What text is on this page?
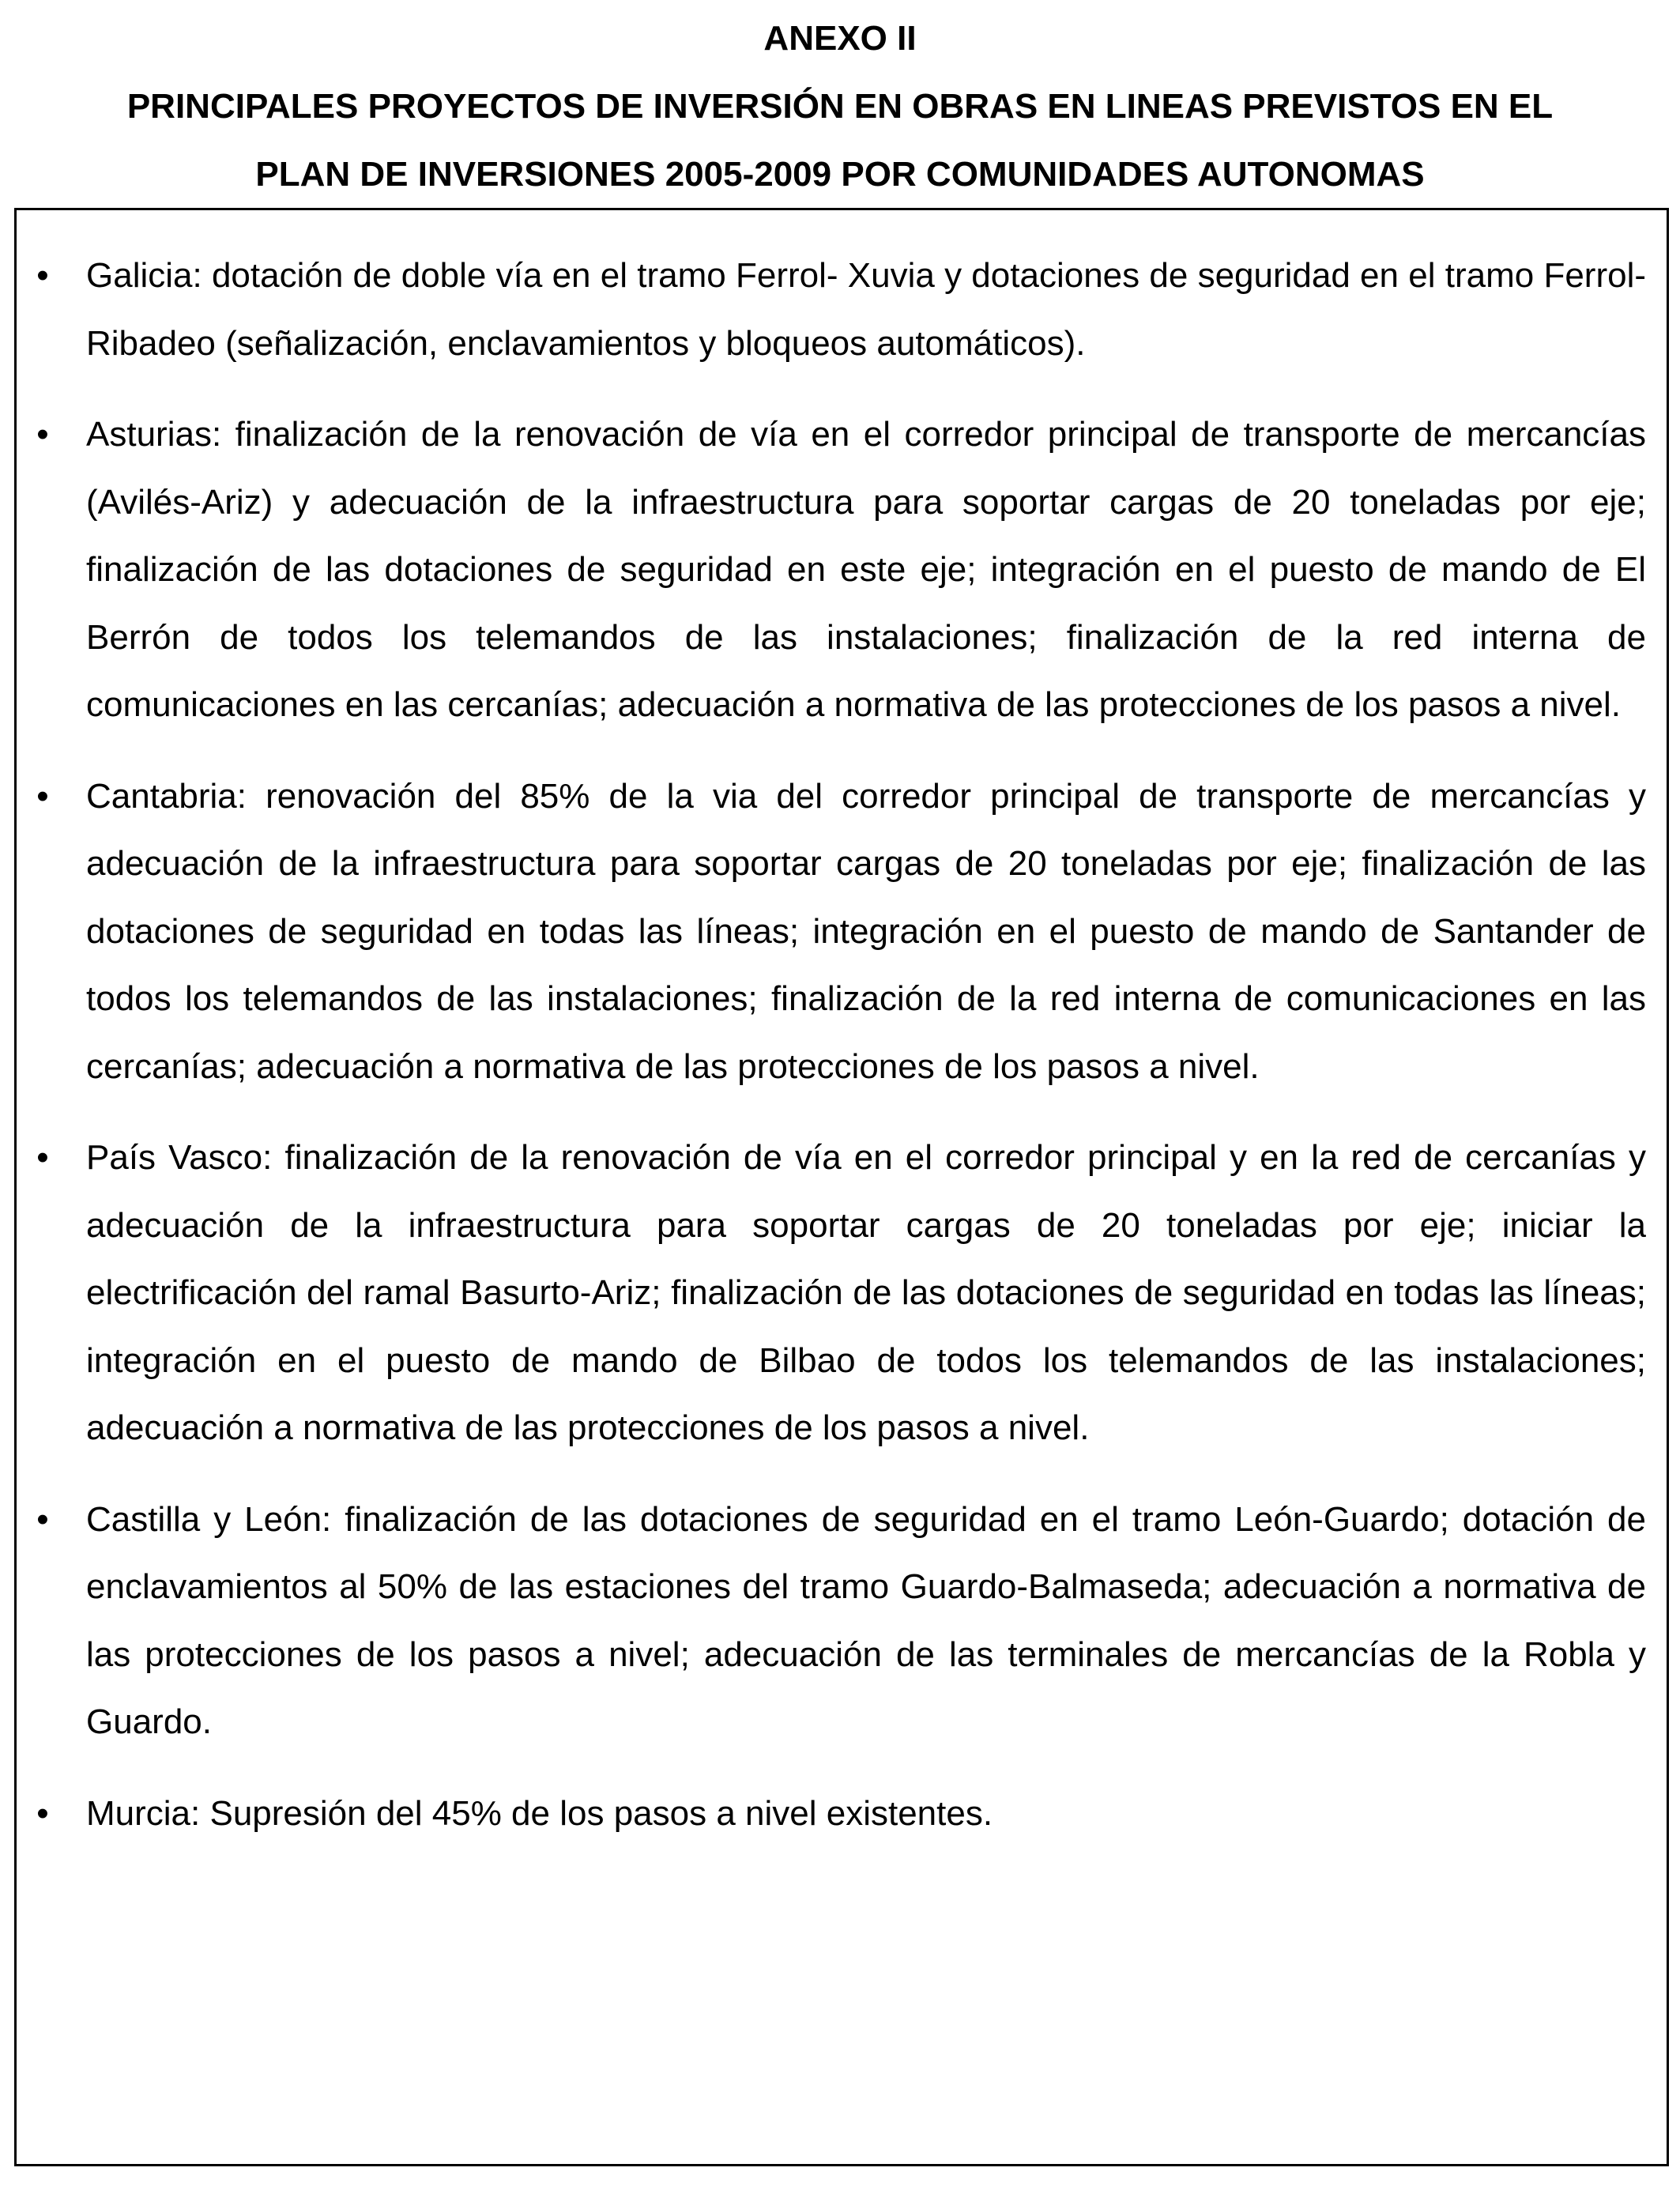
ANEXO II
PRINCIPALES PROYECTOS DE INVERSIÓN EN OBRAS EN LINEAS PREVISTOS EN EL
PLAN DE INVERSIONES 2005-2009 POR COMUNIDADES AUTONOMAS
• Galicia: dotación de doble vía en el tramo Ferrol- Xuvia y dotaciones de seguridad en el tramo Ferrol-Ribadeo (señalización, enclavamientos y bloqueos automáticos).
• Asturias: finalización de la renovación de vía en el corredor principal de transporte de mercancías (Avilés-Ariz) y adecuación de la infraestructura para soportar cargas de 20 toneladas por eje; finalización de las dotaciones de seguridad en este eje; integración en el puesto de mando de El Berrón de todos los telemandos de las instalaciones; finalización de la red interna de comunicaciones en las cercanías; adecuación a normativa de las protecciones de los pasos a nivel.
• Cantabria: renovación del 85% de la via del corredor principal de transporte de mercancías y adecuación de la infraestructura para soportar cargas de 20 toneladas por eje; finalización de las dotaciones de seguridad en todas las líneas; integración en el puesto de mando de Santander de todos los telemandos de las instalaciones; finalización de la red interna de comunicaciones en las cercanías; adecuación a normativa de las protecciones de los pasos a nivel.
• País Vasco: finalización de la renovación de vía en el corredor principal y en la red de cercanías y adecuación de la infraestructura para soportar cargas de 20 toneladas por eje; iniciar la electrificación del ramal Basurto-Ariz; finalización de las dotaciones de seguridad en todas las líneas; integración en el puesto de mando de Bilbao de todos los telemandos de las instalaciones; adecuación a normativa de las protecciones de los pasos a nivel.
• Castilla y León: finalización de las dotaciones de seguridad en el tramo León-Guardo; dotación de enclavamientos al 50% de las estaciones del tramo Guardo-Balmaseda; adecuación a normativa de las protecciones de los pasos a nivel; adecuación de las terminales de mercancías de la Robla y Guardo.
• Murcia: Supresión del 45% de los pasos a nivel existentes.
